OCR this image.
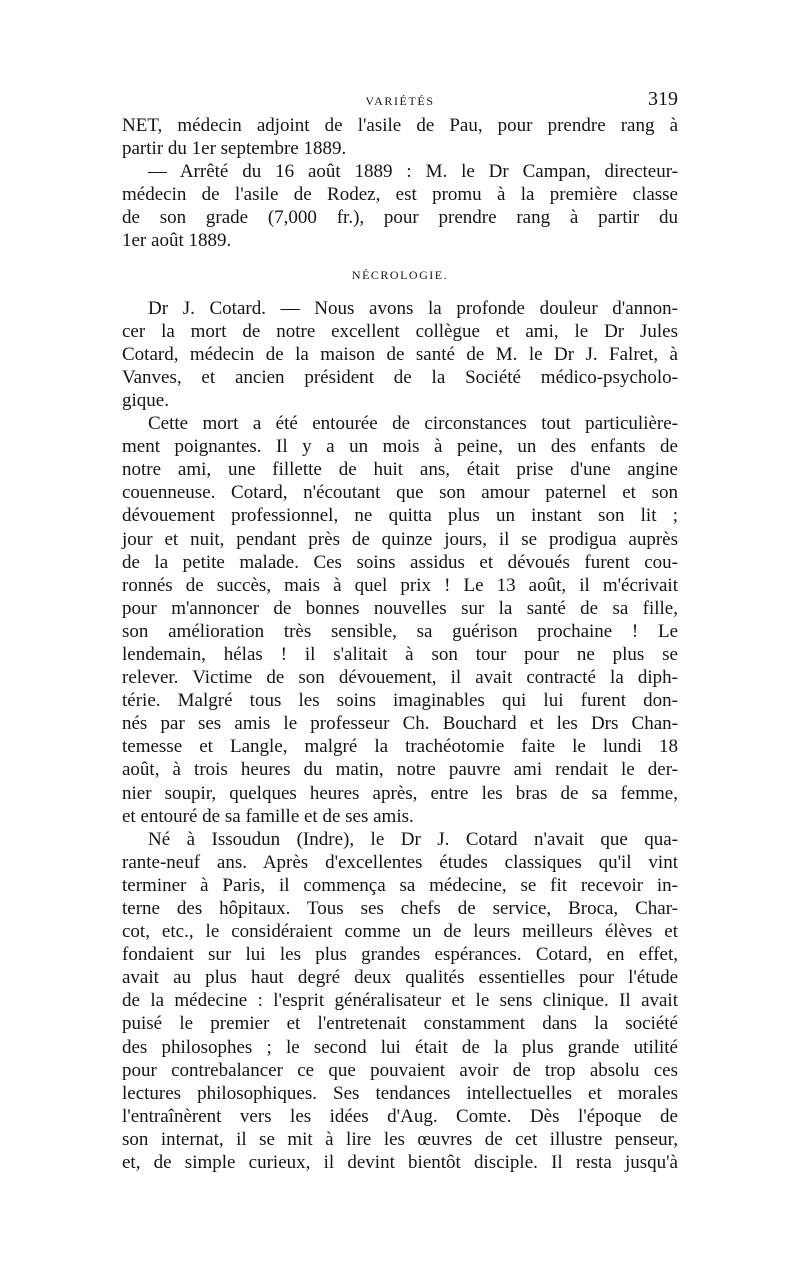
VARIÉTÉS	319
NET, médecin adjoint de l'asile de Pau, pour prendre rang à
partir du 1er septembre 1889.
— Arrêté du 16 août 1889 : M. le Dr Campan, directeur-
médecin de l'asile de Rodez, est promu à la première classe
de son grade (7,000 fr.), pour prendre rang à partir du
1er août 1889.
NÉCROLOGIE.
Dr J. Cotard. — Nous avons la profonde douleur d'annon-
cer la mort de notre excellent collègue et ami, le Dr Jules
Cotard, médecin de la maison de santé de M. le Dr J. Falret, à
Vanves, et ancien président de la Société médico-psycholo-
gique.
Cette mort a été entourée de circonstances tout particulière-
ment poignantes. Il y a un mois à peine, un des enfants de
notre ami, une fillette de huit ans, était prise d'une angine
couenneuse. Cotard, n'écoutant que son amour paternel et son
dévouement professionnel, ne quitta plus un instant son lit ;
jour et nuit, pendant près de quinze jours, il se prodigua auprès
de la petite malade. Ces soins assidus et dévoués furent cou-
ronnés de succès, mais à quel prix ! Le 13 août, il m'écrivait
pour m'annoncer de bonnes nouvelles sur la santé de sa fille,
son amélioration très sensible, sa guérison prochaine ! Le
lendemain, hélas ! il s'alitait à son tour pour ne plus se
relever. Victime de son dévouement, il avait contracté la diph-
térie. Malgré tous les soins imaginables qui lui furent don-
nés par ses amis le professeur Ch. Bouchard et les Drs Chan-
temesse et Langle, malgré la trachéotomie faite le lundi 18
août, à trois heures du matin, notre pauvre ami rendait le der-
nier soupir, quelques heures après, entre les bras de sa femme,
et entouré de sa famille et de ses amis.
Né à Issoudun (Indre), le Dr J. Cotard n'avait que qua-
rante-neuf ans. Après d'excellentes études classiques qu'il vint
terminer à Paris, il commença sa médecine, se fit recevoir in-
terne des hôpitaux. Tous ses chefs de service, Broca, Char-
cot, etc., le considéraient comme un de leurs meilleurs élèves et
fondaient sur lui les plus grandes espérances. Cotard, en effet,
avait au plus haut degré deux qualités essentielles pour l'étude
de la médecine : l'esprit généralisateur et le sens clinique. Il avait
puisé le premier et l'entretenait constamment dans la société
des philosophes ; le second lui était de la plus grande utilité
pour contrebalancer ce que pouvaient avoir de trop absolu ces
lectures philosophiques. Ses tendances intellectuelles et morales
l'entraînèrent vers les idées d'Aug. Comte. Dès l'époque de
son internat, il se mit à lire les œuvres de cet illustre penseur,
et, de simple curieux, il devint bientôt disciple. Il resta jusqu'à
